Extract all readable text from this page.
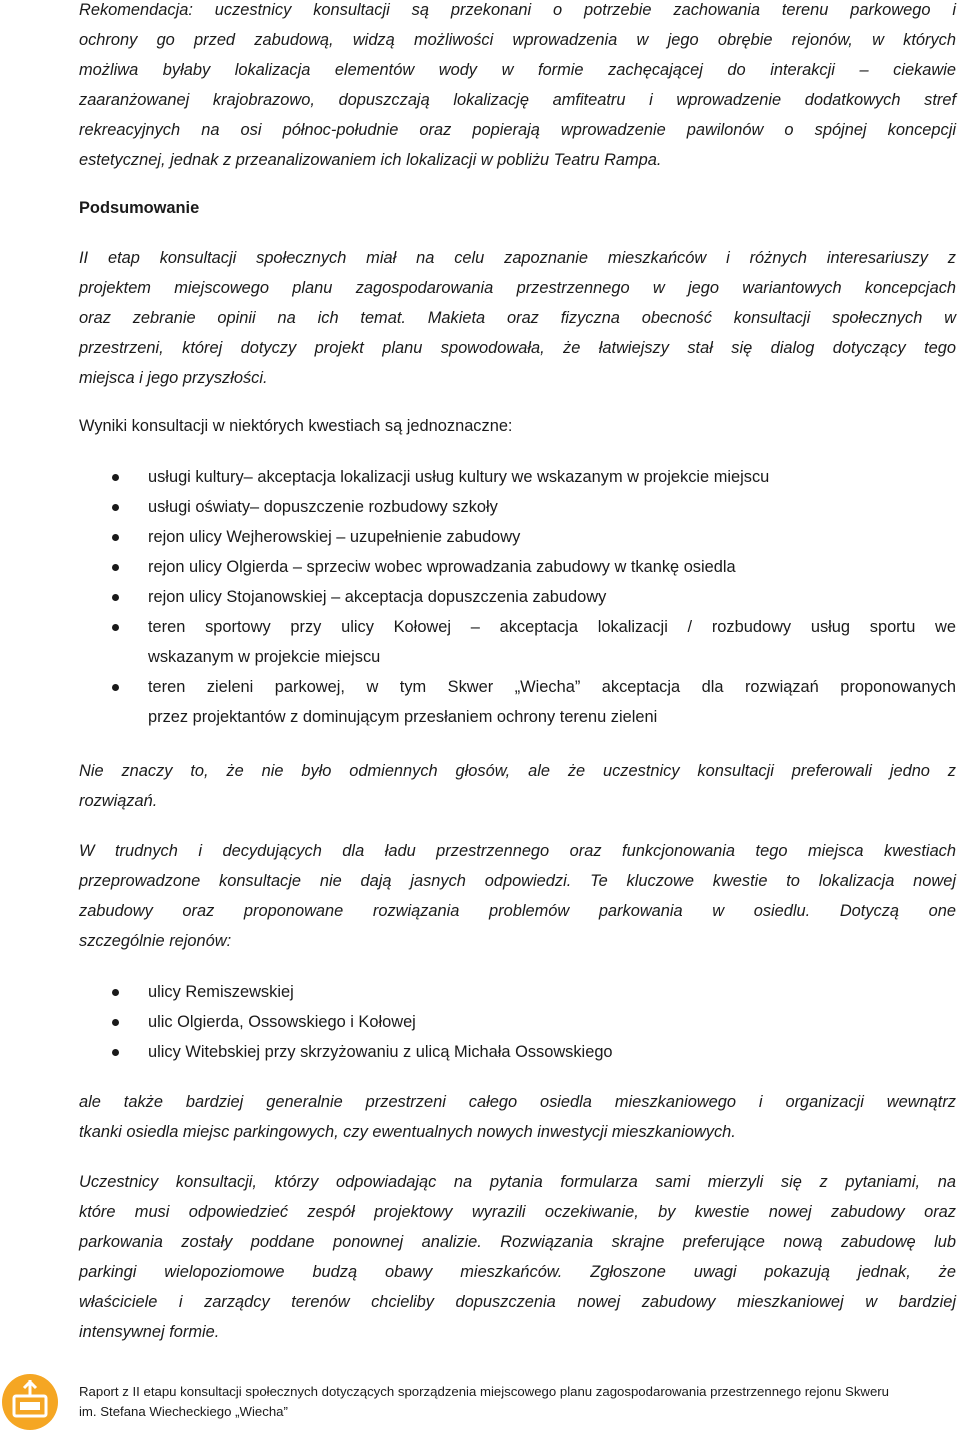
Rekomendacja: uczestnicy konsultacji są przekonani o potrzebie zachowania terenu parkowego i
ochrony go przed zabudową, widzą możliwości wprowadzenia w jego obrębie rejonów, w których
możliwa byłaby lokalizacja elementów wody w formie zachęcającej do interakcji – ciekawie
zaaranżowanej krajobrazowo, dopuszczają lokalizację amfiteatru i wprowadzenie dodatkowych stref
rekreacyjnych na osi północ-południe oraz popierają wprowadzenie pawilonów o spójnej koncepcji
estetycznej, jednak z przeanalizowaniem ich lokalizacji w pobliżu Teatru Rampa.
Podsumowanie
II etap konsultacji społecznych miał na celu zapoznanie mieszkańców i różnych interesariuszy z
projektem miejscowego planu zagospodarowania przestrzennego w jego wariantowych koncepcjach
oraz zebranie opinii na ich temat. Makieta oraz fizyczna obecność konsultacji społecznych w
przestrzeni, której dotyczy projekt planu spowodowała, że łatwiejszy stał się dialog dotyczący tego
miejsca i jego przyszłości.
Wyniki konsultacji w niektórych kwestiach są jednoznaczne:
usługi kultury– akceptacja lokalizacji usług kultury we wskazanym w projekcie miejscu
usługi oświaty– dopuszczenie rozbudowy szkoły
rejon ulicy Wejherowskiej – uzupełnienie zabudowy
rejon ulicy Olgierda – sprzeciw wobec wprowadzania zabudowy w tkankę osiedla
rejon ulicy Stojanowskiej – akceptacja dopuszczenia zabudowy
teren sportowy przy ulicy Kołowej – akceptacja lokalizacji / rozbudowy usług sportu we
wskazanym w projekcie miejscu
teren zieleni parkowej, w tym Skwer „Wiecha” akceptacja dla rozwiązań proponowanych
przez projektantów z dominującym przesłaniem ochrony terenu zieleni
Nie znaczy to, że nie było odmiennych głosów, ale że uczestnicy konsultacji preferowali jedno z
rozwiązań.
W trudnych i decydujących dla ładu przestrzennego oraz funkcjonowania tego miejsca kwestiach
przeprowadzone konsultacje nie dają jasnych odpowiedzi. Te kluczowe kwestie to lokalizacja nowej
zabudowy oraz proponowane rozwiązania problemów parkowania w osiedlu. Dotyczą one
szczególnie rejonów:
ulicy Remiszewskiej
ulic Olgierda, Ossowskiego i Kołowej
ulicy Witebskiej przy skrzyżowaniu z ulicą Michała Ossowskiego
ale także bardziej generalnie przestrzeni całego osiedla mieszkaniowego i organizacji wewnątrz
tkanki osiedla miejsc parkingowych, czy ewentualnych nowych inwestycji mieszkaniowych.
Uczestnicy konsultacji, którzy odpowiadając na pytania formularza sami mierzyli się z pytaniami, na
które musi odpowiedzieć zespół projektowy wyrazili oczekiwanie, by kwestie nowej zabudowy oraz
parkowania zostały poddane ponownej analizie. Rozwiązania skrajne preferujące nową zabudowę lub
parkingi wielopoziomowe budzą obawy mieszkańców. Zgłoszone uwagi pokazują jednak, że
właściciele i zarządcy terenów chcieliby dopuszczenia nowej zabudowy mieszkaniowej w bardziej
intensywnej formie.
Raport z II etapu konsultacji społecznych dotyczących sporządzenia miejscowego planu zagospodarowania przestrzennego rejonu Skweru
im. Stefana Wiecheckiego „Wiecha”
